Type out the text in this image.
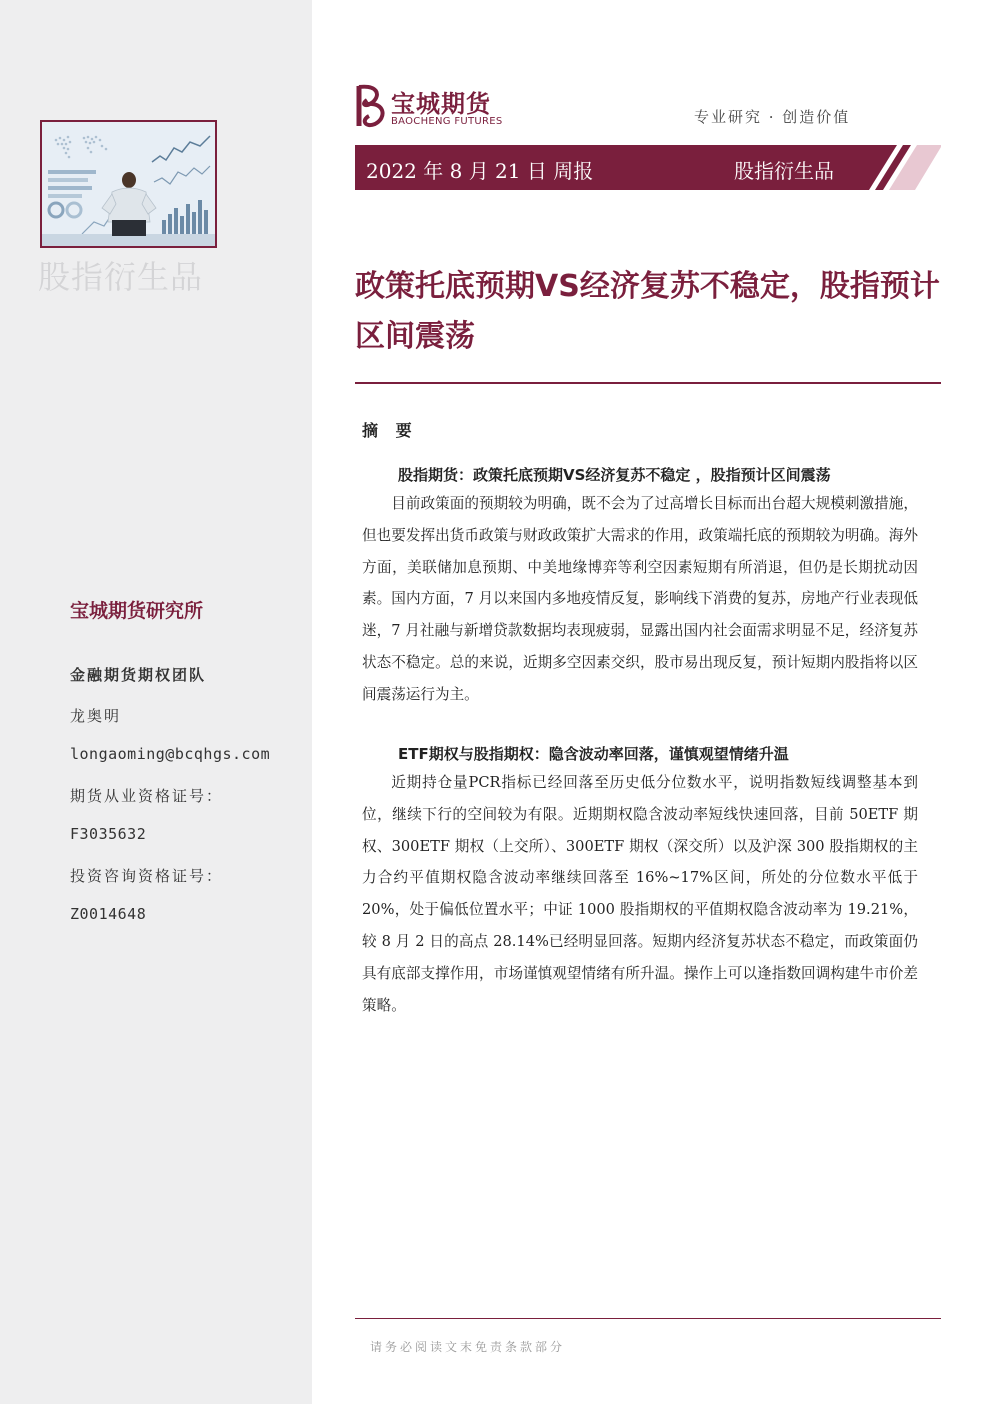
股指衍生品
宝城期货研究所
金融期货期权团队
龙奥明
longaoming@bcqhgs.com
期货从业资格证号：
F3035632
投资咨询资格证号：
Z0014648
宝城期货
BAOCHENG FUTURES	专业研究 · 创造价值
2022 年 8 月 21 日 周报	股指衍生品
政策托底预期VS经济复苏不稳定，股指预计区间震荡
摘 要
股指期货：政策托底预期VS经济复苏不稳定 ，股指预计区间震荡
目前政策面的预期较为明确，既不会为了过高增长目标而出台超大规模刺激措施，但也要发挥出货币政策与财政政策扩大需求的作用，政策端托底的预期较为明确。海外方面，美联储加息预期、中美地缘博弈等利空因素短期有所消退，但仍是长期扰动因素。国内方面，7 月以来国内多地疫情反复，影响线下消费的复苏，房地产行业表现低迷，7 月社融与新增贷款数据均表现疲弱，显露出国内社会面需求明显不足，经济复苏状态不稳定。总的来说，近期多空因素交织，股市易出现反复，预计短期内股指将以区间震荡运行为主。
ETF期权与股指期权：隐含波动率回落，谨慎观望情绪升温
近期持仓量PCR指标已经回落至历史低分位数水平，说明指数短线调整基本到位，继续下行的空间较为有限。近期期权隐含波动率短线快速回落，目前 50ETF 期权、300ETF 期权（上交所）、300ETF 期权（深交所）以及沪深 300 股指期权的主力合约平值期权隐含波动率继续回落至 16%~17%区间，所处的分位数水平低于 20%，处于偏低位置水平；中证 1000 股指期权的平值期权隐含波动率为 19.21%，较 8 月 2 日的高点 28.14%已经明显回落。短期内经济复苏状态不稳定，而政策面仍具有底部支撑作用，市场谨慎观望情绪有所升温。操作上可以逢指数回调构建牛市价差策略。
请务必阅读文末免责条款部分
